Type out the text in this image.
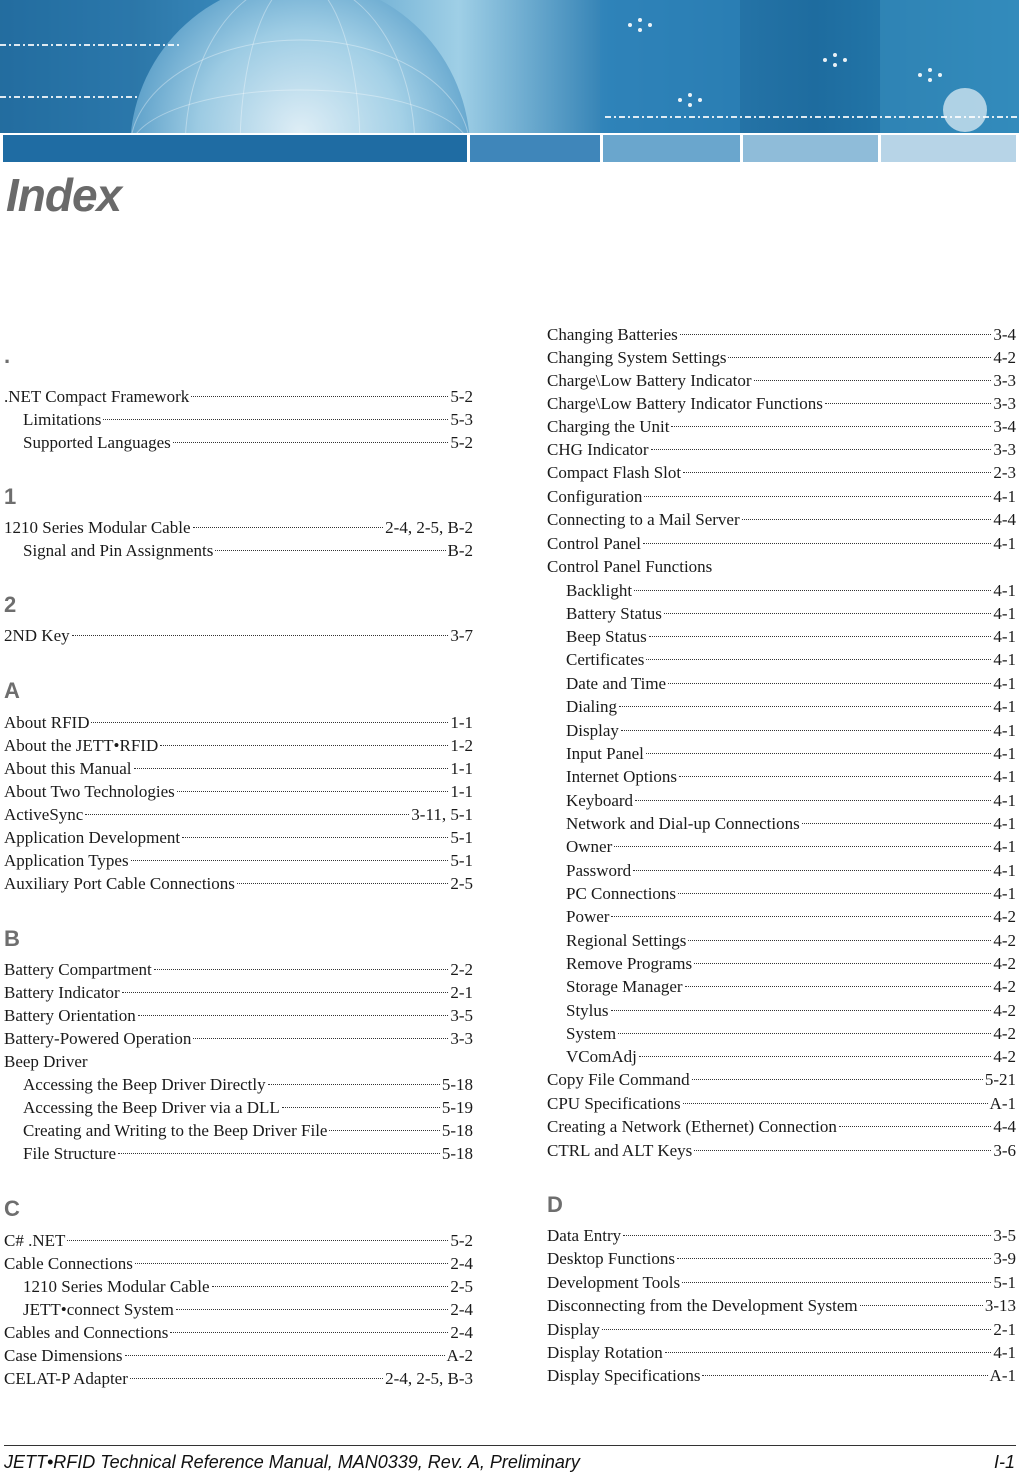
Index
.
.NET Compact Framework	5-2
Limitations	5-3
Supported Languages	5-2
1
1210 Series Modular Cable	2-4, 2-5, B-2
Signal and Pin Assignments	B-2
2
2ND Key	3-7
A
About RFID	1-1
About the JETT•RFID	1-2
About this Manual	1-1
About Two Technologies	1-1
ActiveSync	3-11, 5-1
Application Development	5-1
Application Types	5-1
Auxiliary Port Cable Connections	2-5
B
Battery Compartment	2-2
Battery Indicator	2-1
Battery Orientation	3-5
Battery-Powered Operation	3-3
Beep Driver
Accessing the Beep Driver Directly	5-18
Accessing the Beep Driver via a DLL	5-19
Creating and Writing to the Beep Driver File	5-18
File Structure	5-18
C
C# .NET	5-2
Cable Connections	2-4
1210 Series Modular Cable	2-5
JETT•connect System	2-4
Cables and Connections	2-4
Case Dimensions	A-2
CELAT-P Adapter	2-4, 2-5, B-3
Changing Batteries	3-4
Changing System Settings	4-2
Charge\Low Battery Indicator	3-3
Charge\Low Battery Indicator Functions	3-3
Charging the Unit	3-4
CHG Indicator	3-3
Compact Flash Slot	2-3
Configuration	4-1
Connecting to a Mail Server	4-4
Control Panel	4-1
Control Panel Functions
Backlight	4-1
Battery Status	4-1
Beep Status	4-1
Certificates	4-1
Date and Time	4-1
Dialing	4-1
Display	4-1
Input Panel	4-1
Internet Options	4-1
Keyboard	4-1
Network and Dial-up Connections	4-1
Owner	4-1
Password	4-1
PC Connections	4-1
Power	4-2
Regional Settings	4-2
Remove Programs	4-2
Storage Manager	4-2
Stylus	4-2
System	4-2
VComAdj	4-2
Copy File Command	5-21
CPU Specifications	A-1
Creating a Network (Ethernet) Connection	4-4
CTRL and ALT Keys	3-6
D
Data Entry	3-5
Desktop Functions	3-9
Development Tools	5-1
Disconnecting from the Development System	3-13
Display	2-1
Display Rotation	4-1
Display Specifications	A-1
JETT•RFID Technical Reference Manual, MAN0339, Rev. A, Preliminary	I-1
